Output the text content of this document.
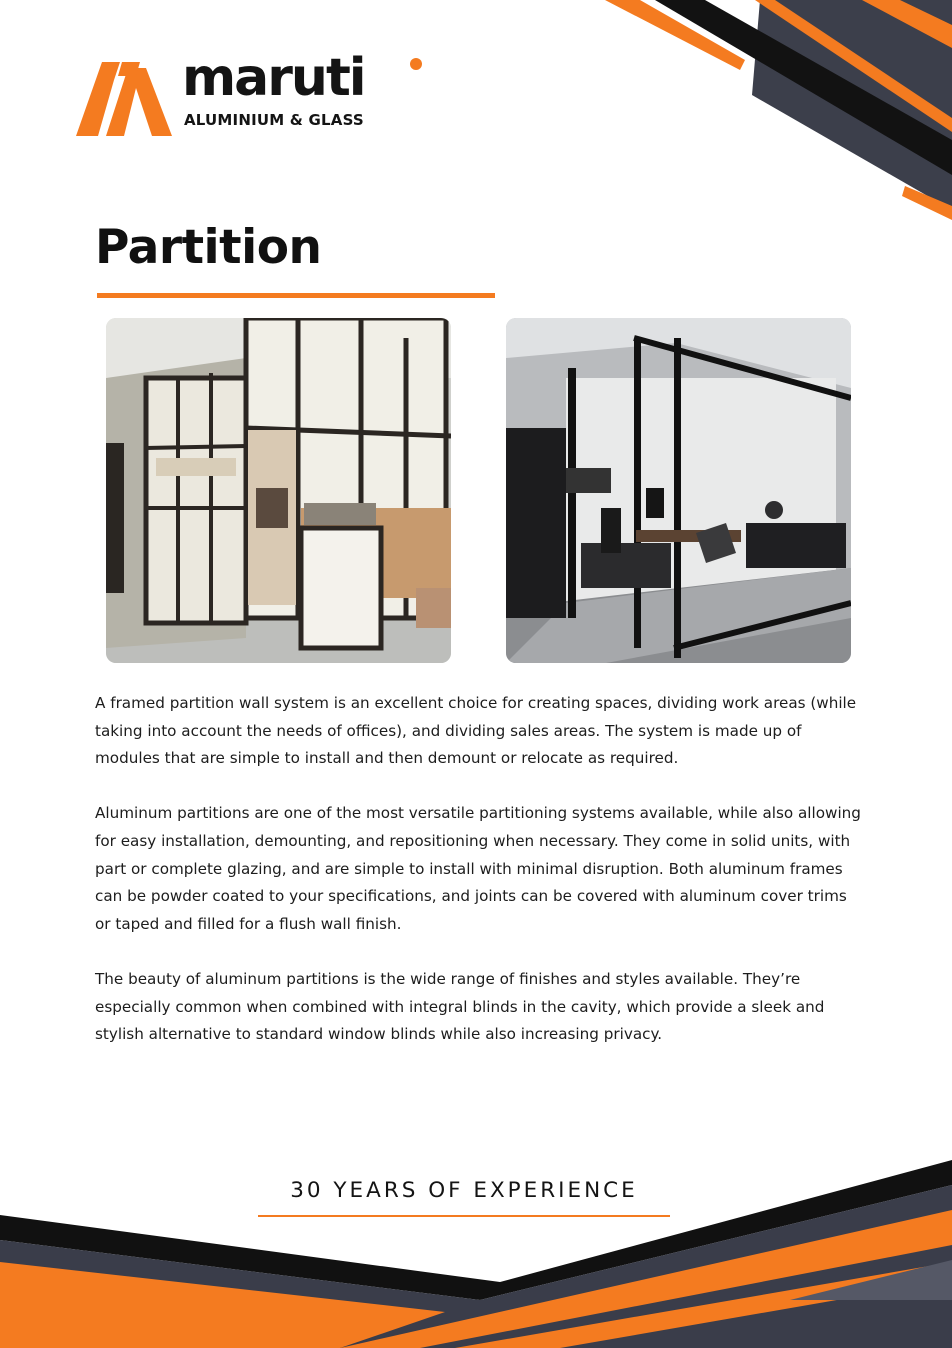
maruti
ALUMINIUM & GLASS
Partition

A framed partition wall system is an excellent choice for creating spaces, dividing work areas (while taking into account the needs of offices), and dividing sales areas. The system is made up of modules that are simple to install and then demount or relocate as required.

Aluminum partitions are one of the most versatile partitioning systems available, while also allowing for easy installation, demounting, and repositioning when necessary. They come in solid units, with part or complete glazing, and are simple to install with minimal disruption. Both aluminum frames can be powder coated to your specifications, and joints can be covered with aluminum cover trims or taped and filled for a flush wall finish.

The beauty of aluminum partitions is the wide range of finishes and styles available. They’re especially common when combined with integral blinds in the cavity, which provide a sleek and stylish alternative to standard window blinds while also increasing privacy.

30 YEARS OF EXPERIENCE
